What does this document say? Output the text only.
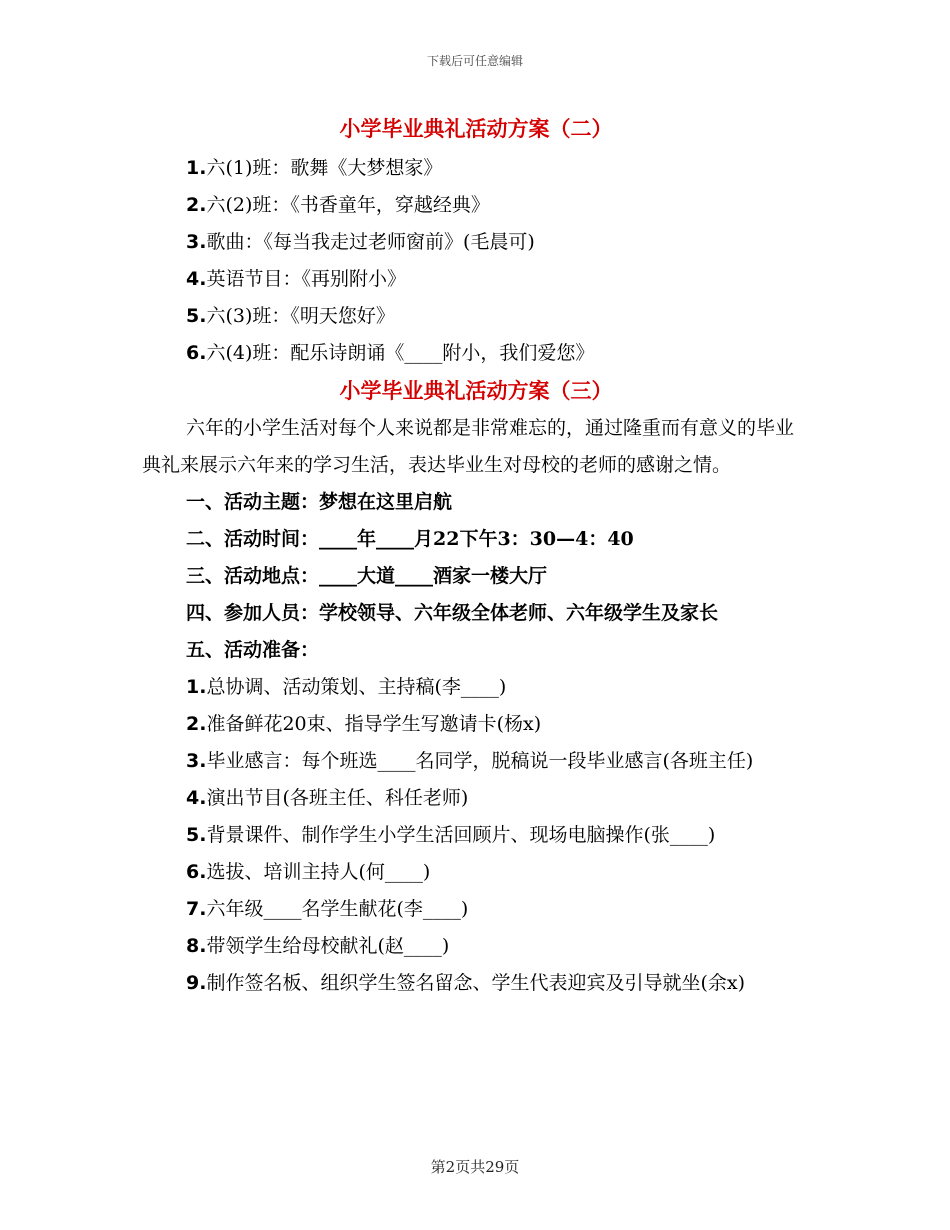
下载后可任意编辑
小学毕业典礼活动方案（二）
1.六(1)班：歌舞《大梦想家》
2.六(2)班：《书香童年，穿越经典》
3.歌曲：《每当我走过老师窗前》(毛晨可)
4.英语节目：《再别附小》
5.六(3)班：《明天您好》
6.六(4)班：配乐诗朗诵《____附小，我们爱您》
小学毕业典礼活动方案（三）
六年的小学生活对每个人来说都是非常难忘的，通过隆重而有意义的毕业典礼来展示六年来的学习生活，表达毕业生对母校的老师的感谢之情。
一、活动主题：梦想在这里启航
二、活动时间：____年____月22下午3：30—4：40
三、活动地点：____大道____酒家一楼大厅
四、参加人员：学校领导、六年级全体老师、六年级学生及家长
五、活动准备：
1.总协调、活动策划、主持稿(李____)
2.准备鲜花20束、指导学生写邀请卡(杨x)
3.毕业感言：每个班选____名同学，脱稿说一段毕业感言(各班主任)
4.演出节目(各班主任、科任老师)
5.背景课件、制作学生小学生活回顾片、现场电脑操作(张____)
6.选拔、培训主持人(何____)
7.六年级____名学生献花(李____)
8.带领学生给母校献礼(赵____)
9.制作签名板、组织学生签名留念、学生代表迎宾及引导就坐(余x)
第2页共29页
